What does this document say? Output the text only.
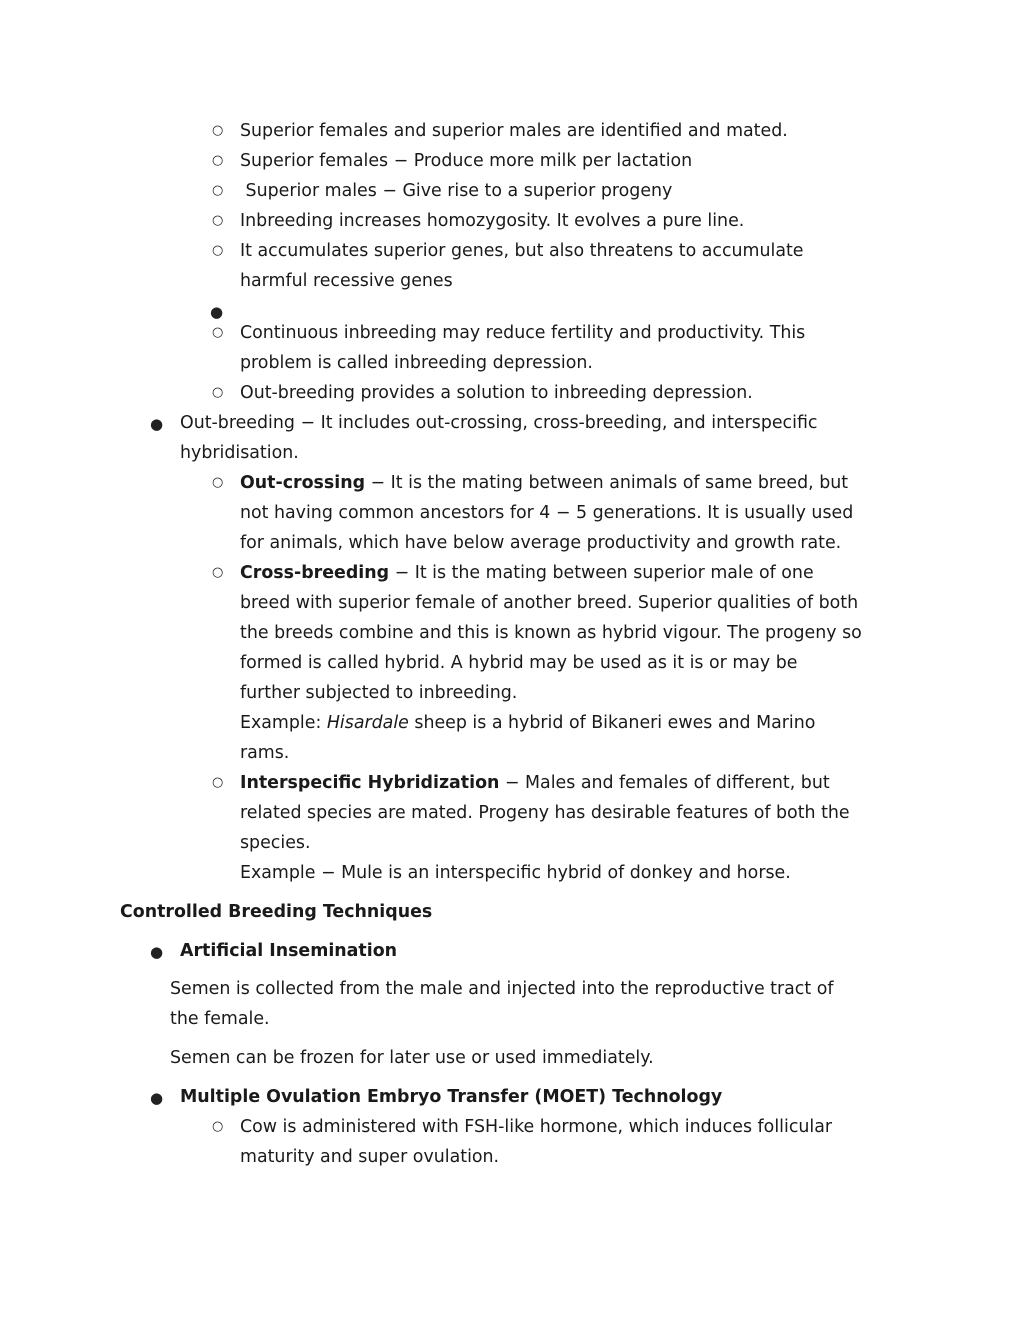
○ Superior females and superior males are identified and mated.
○ Superior females − Produce more milk per lactation
○ Superior males − Give rise to a superior progeny
○ Inbreeding increases homozygosity. It evolves a pure line.
○ It accumulates superior genes, but also threatens to accumulate
harmful recessive genes
●
○ Continuous inbreeding may reduce fertility and productivity. This
problem is called inbreeding depression.
○ Out-breeding provides a solution to inbreeding depression.
● Out-breeding − It includes out-crossing, cross-breeding, and interspecific
hybridisation.
○ Out-crossing − It is the mating between animals of same breed, but
not having common ancestors for 4 − 5 generations. It is usually used
for animals, which have below average productivity and growth rate.
○ Cross-breeding − It is the mating between superior male of one
breed with superior female of another breed. Superior qualities of both
the breeds combine and this is known as hybrid vigour. The progeny so
formed is called hybrid. A hybrid may be used as it is or may be
further subjected to inbreeding.
Example: Hisardale sheep is a hybrid of Bikaneri ewes and Marino
rams.
○ Interspecific Hybridization − Males and females of different, but
related species are mated. Progeny has desirable features of both the
species.
Example − Mule is an interspecific hybrid of donkey and horse.
Controlled Breeding Techniques
● Artificial Insemination
Semen is collected from the male and injected into the reproductive tract of
the female.
Semen can be frozen for later use or used immediately.
● Multiple Ovulation Embryo Transfer (MOET) Technology
○ Cow is administered with FSH-like hormone, which induces follicular
maturity and super ovulation.
